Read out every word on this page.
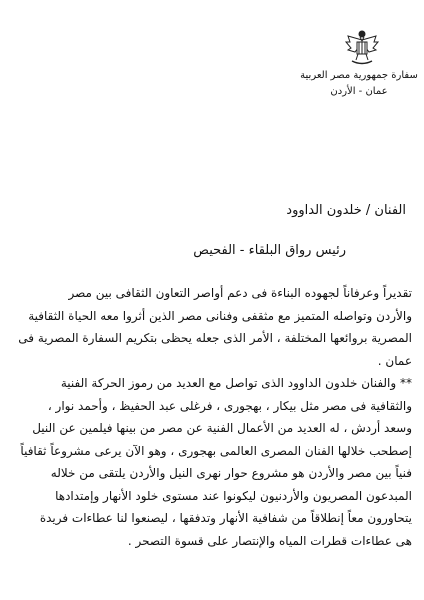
سفارة جمهورية مصر العربية
عمان - الأردن
الفنان / خلدون الداوود
رئيس رواق البلقاء - الفحيص
تقديراً وعرفاناً لجهوده البناءة فى دعم أواصر التعاون الثقافى بين مصر
والأردن وتواصله المتميز مع مثقفى وفنانى مصر الذين أثروا معه الحياة الثقافية
المصرية بروائعها المختلفة ، الأمر الذى جعله يحظى بتكريم السفارة المصرية فى
عمان .
** والفنان خلدون الداوود الذى تواصل مع العديد من رموز الحركة الفنية
والثقافية فى مصر مثل بيكار ، بهجورى ، فرغلى عبد الحفيظ ، وأحمد نوار ،
وسعد أردش ، له العديد من الأعمال الفنية عن مصر من بينها فيلمين عن النيل
إصطحب خلالها الفنان المصرى العالمى بهجورى ، وهو الآن يرعى مشروعاً ثقافياً
فنياً بين مصر والأردن هو مشروع حوار نهرى النيل والأردن يلتقى من خلاله
المبدعون المصريون والأردنيون ليكونوا عند مستوى خلود الأنهار وإمتدادها
يتحاورون معاً إنطلاقاً من شفافية الأنهار وتدفقها ، ليصنعوا لنا عطاءات فريدة
هى عطاءات قطرات المياه والإنتصار على قسوة التصحر .
